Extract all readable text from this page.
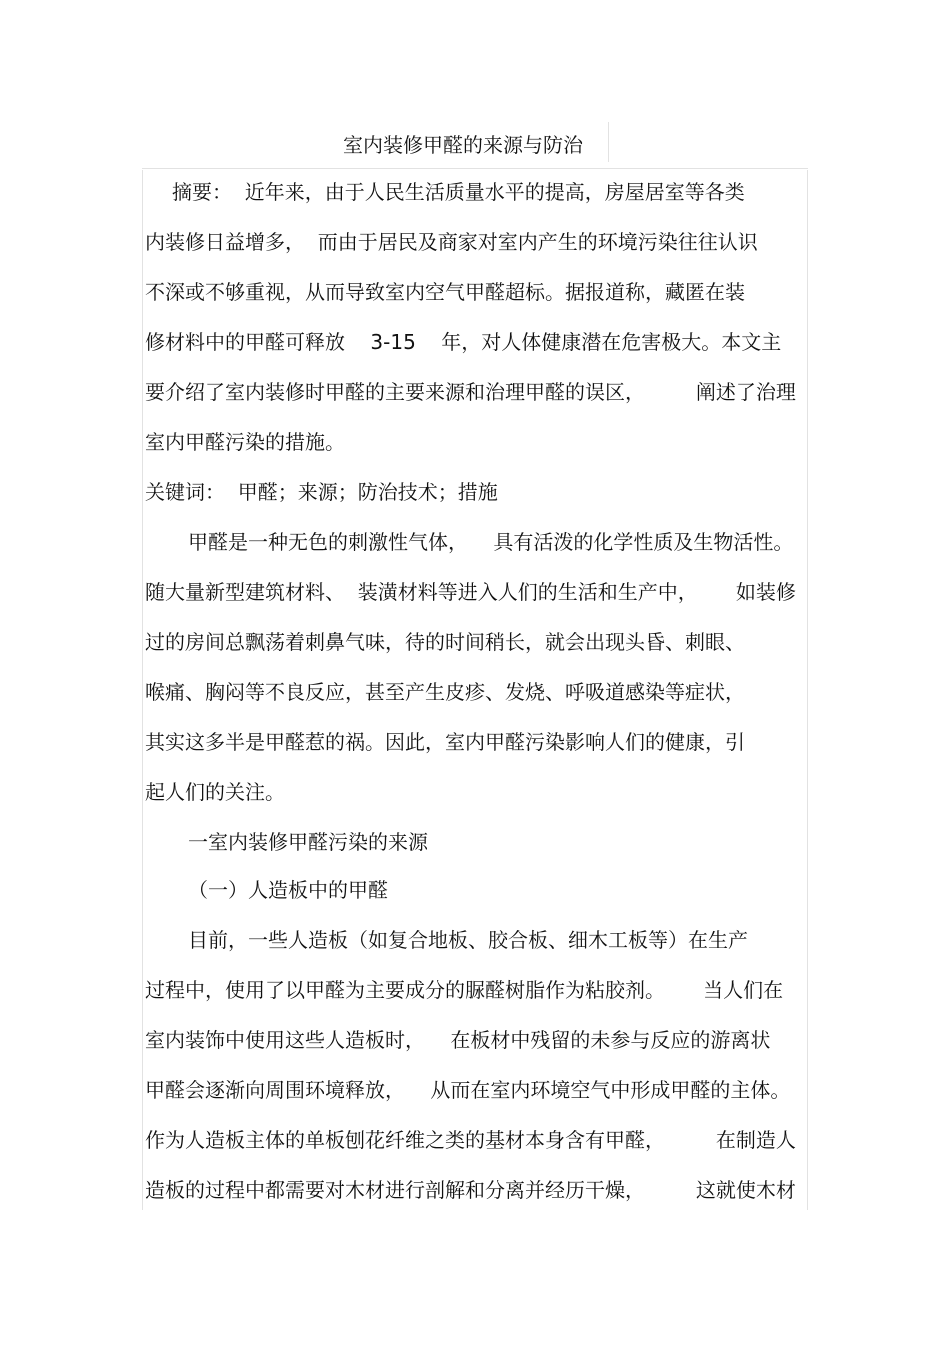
室内装修甲醛的来源与防治
摘要：  近年来，由于人民生活质量水平的提高，房屋居室等各类
内装修日益增多，  而由于居民及商家对室内产生的环境污染往往认识
不深或不够重视，从而导致室内空气甲醛超标。据报道称，藏匿在装
修材料中的甲醛可释放    3-15    年，对人体健康潜在危害极大。本文主
要介绍了室内装修时甲醛的主要来源和治理甲醛的误区，        阐述了治理
室内甲醛污染的措施。
关键词：  甲醛；来源；防治技术；措施
甲醛是一种无色的刺激性气体，    具有活泼的化学性质及生物活性。
随大量新型建筑材料、  装潢材料等进入人们的生活和生产中，      如装修
过的房间总飘荡着刺鼻气味，待的时间稍长，就会出现头昏、刺眼、
喉痛、胸闷等不良反应，甚至产生皮疹、发烧、呼吸道感染等症状，
其实这多半是甲醛惹的祸。因此，室内甲醛污染影响人们的健康，引
起人们的关注。
一室内装修甲醛污染的来源
（一）人造板中的甲醛
目前，一些人造板（如复合地板、胶合板、细木工板等）在生产
过程中，使用了以甲醛为主要成分的脲醛树脂作为粘胶剂。      当人们在
室内装饰中使用这些人造板时，    在板材中残留的未参与反应的游离状
甲醛会逐渐向周围环境释放，    从而在室内环境空气中形成甲醛的主体。
作为人造板主体的单板刨花纤维之类的基材本身含有甲醛，        在制造人
造板的过程中都需要对木材进行剖解和分离并经历干燥，        这就使木材
